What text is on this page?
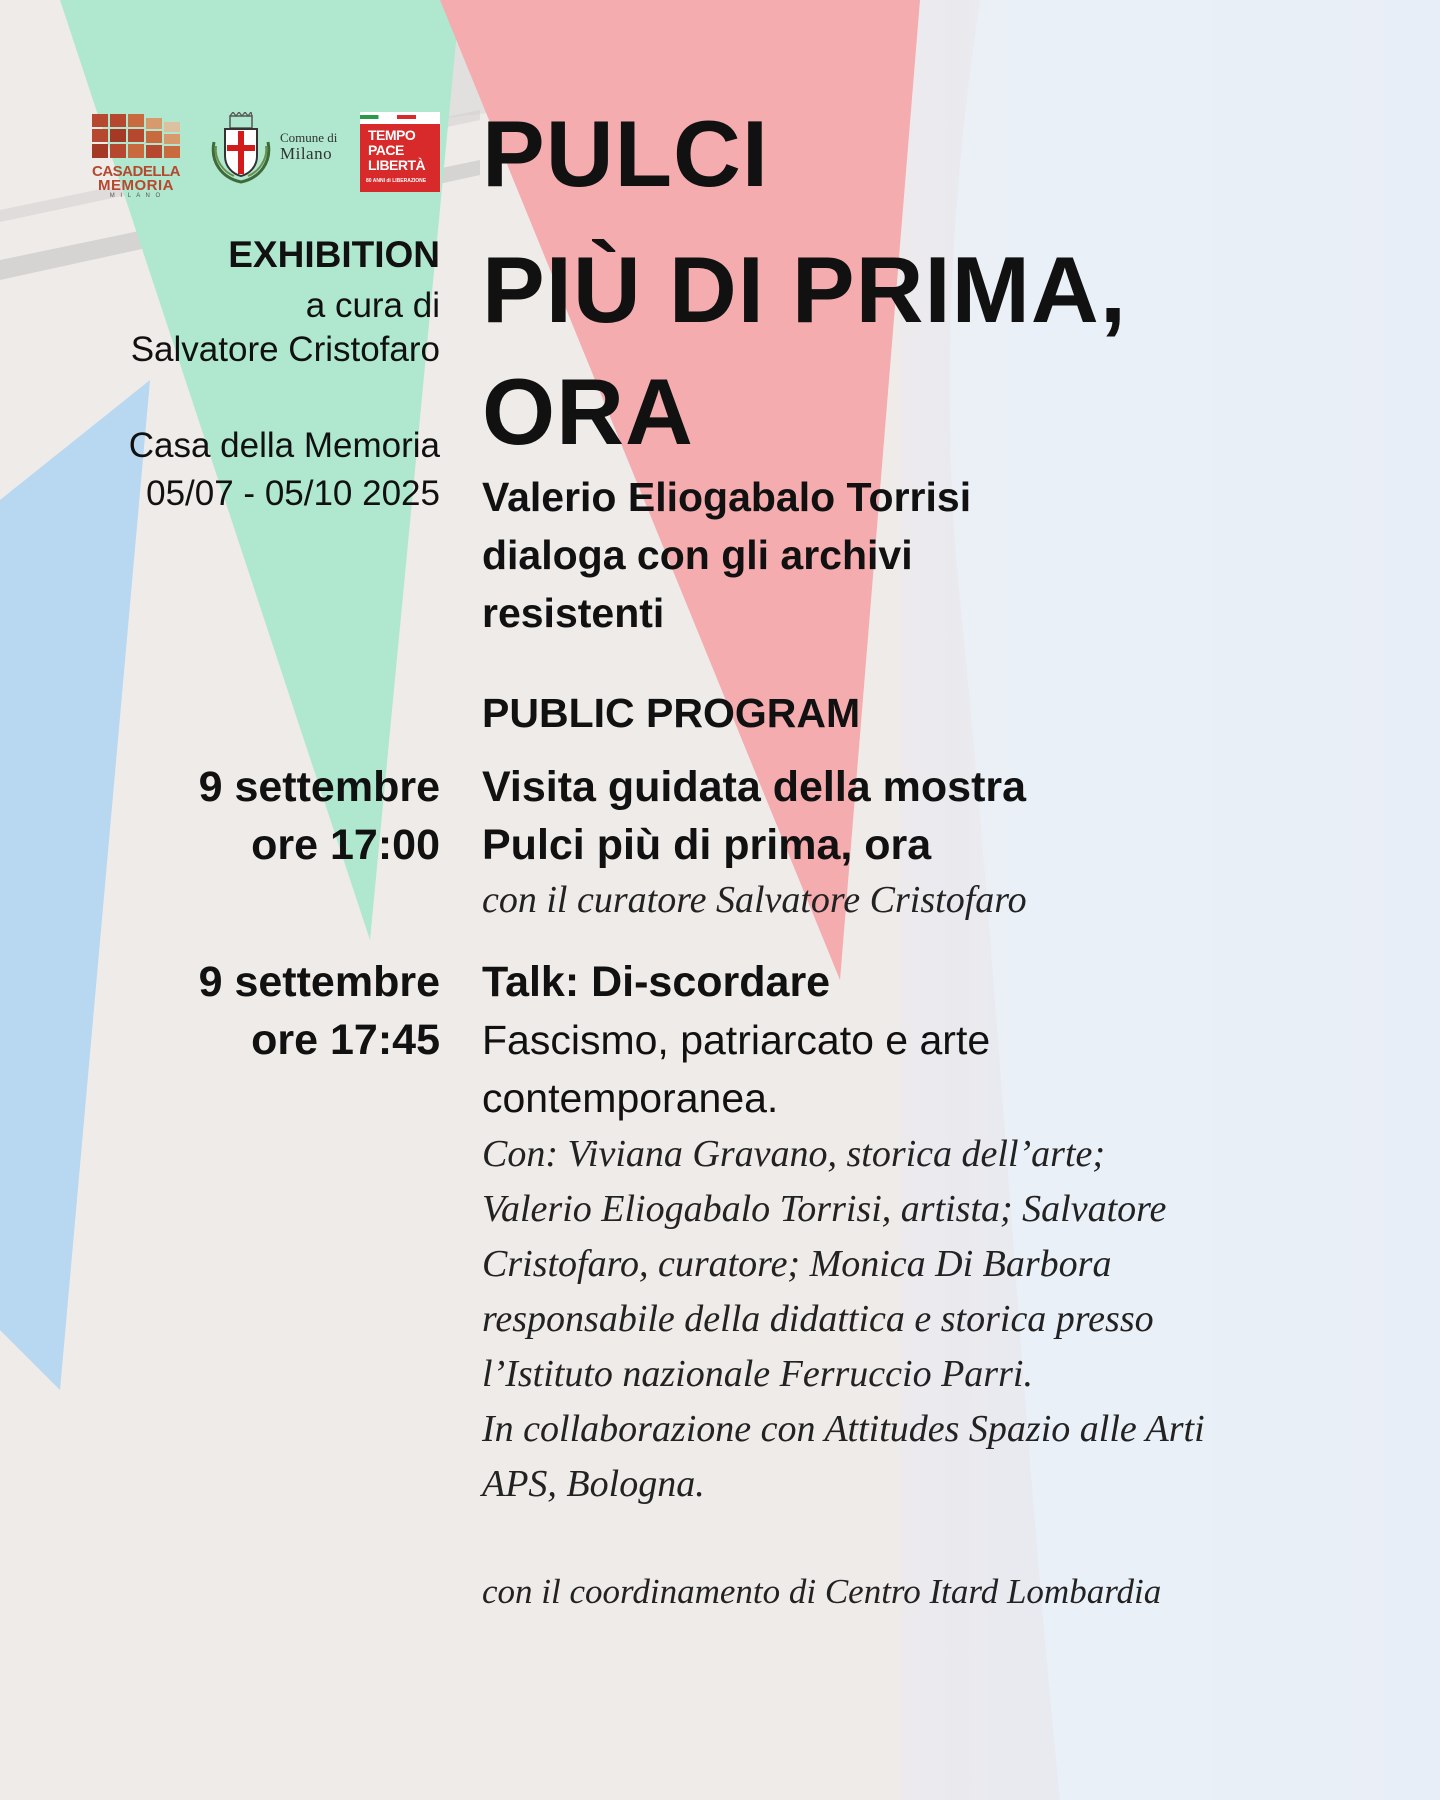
CASADELLA
MEMORIA
M I L A N O
Comune di
Milano
TEMPO
PACE
LIBERTÀ
80 ANNI di LIBERAZIONE
EXHIBITION
a cura di
Salvatore Cristofaro
Casa della Memoria
05/07 - 05/10 2025
PULCI
PIÙ DI PRIMA,
ORA
Valerio Eliogabalo Torrisi
dialoga con gli archivi
resistenti
PUBLIC PROGRAM
9 settembre
ore 17:00
Visita guidata della mostra
Pulci più di prima, ora
con il curatore Salvatore Cristofaro
9 settembre
ore 17:45
Talk: Di-scordare
Fascismo, patriarcato e arte
contemporanea.
Con: Viviana Gravano, storica dell’arte;
Valerio Eliogabalo Torrisi, artista; Salvatore
Cristofaro, curatore; Monica Di Barbora
responsabile della didattica e storica presso
l’Istituto nazionale Ferruccio Parri.
In collaborazione con Attitudes Spazio alle Arti
APS, Bologna.
con il coordinamento di Centro Itard Lombardia
